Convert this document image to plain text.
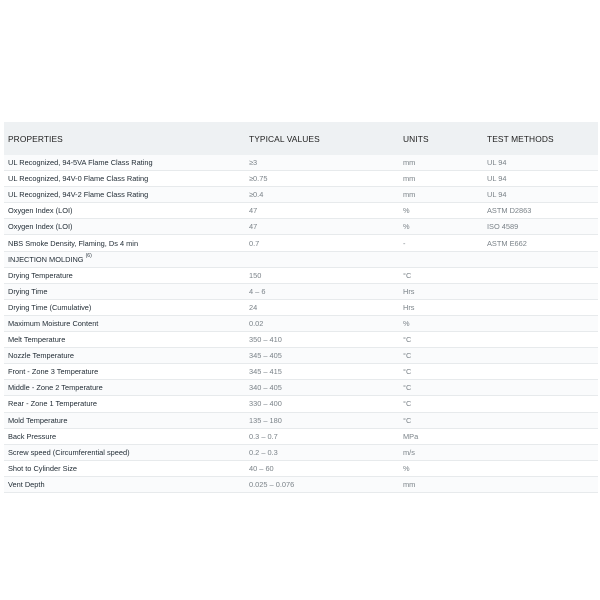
PROPERTIES	TYPICAL VALUES	UNITS	TEST METHODS
UL Recognized, 94-5VA Flame Class Rating	≥3	mm	UL 94
UL Recognized, 94V-0 Flame Class Rating	≥0.75	mm	UL 94
UL Recognized, 94V-2 Flame Class Rating	≥0.4	mm	UL 94
Oxygen Index (LOI)	47	%	ASTM D2863
Oxygen Index (LOI)	47	%	ISO 4589
NBS Smoke Density, Flaming, Ds 4 min	0.7	-	ASTM E662
INJECTION MOLDING $^{(6)}$
Drying Temperature	150	°C	
Drying Time	4 – 6	Hrs	
Drying Time (Cumulative)	24	Hrs	
Maximum Moisture Content	0.02	%	
Melt Temperature	350 – 410	°C	
Nozzle Temperature	345 – 405	°C	
Front - Zone 3 Temperature	345 – 415	°C	
Middle - Zone 2 Temperature	340 – 405	°C	
Rear - Zone 1 Temperature	330 – 400	°C	
Mold Temperature	135 – 180	°C	
Back Pressure	0.3 – 0.7	MPa	
Screw speed (Circumferential speed)	0.2 – 0.3	m/s	
Shot to Cylinder Size	40 – 60	%	
Vent Depth	0.025 – 0.076	mm	
